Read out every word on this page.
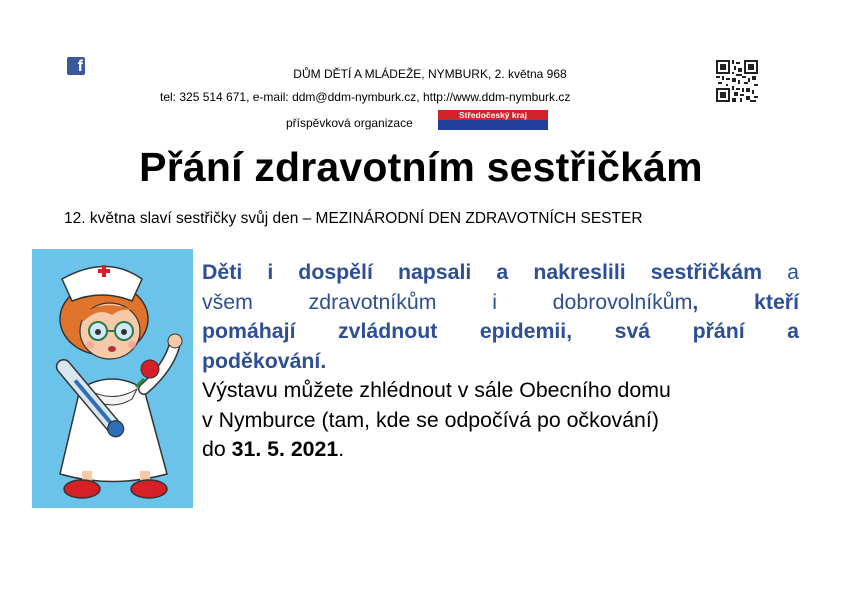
f	DŮM DĚTÍ A MLÁDEŽE, NYMBURK, 2. května 968
tel: 325 514 671, e-mail: ddm@ddm-nymburk.cz, http://www.ddm-nymburk.cz
příspěvková organizace
Středočeský kraj
Přání zdravotním sestřičkám
12. května slaví sestřičky svůj den – MEZINÁRODNÍ DEN ZDRAVOTNÍCH SESTER

Děti i dospělí napsali a nakreslili sestřičkám a

všem zdravotníkům i dobrovolníkům, kteří

pomáhají zvládnout epidemii, svá přání a

poděkování.

Výstavu můžete zhlédnout v sále Obecního domu

v Nymburce (tam, kde se odpočívá po očkování)

do 31. 5. 2021.
